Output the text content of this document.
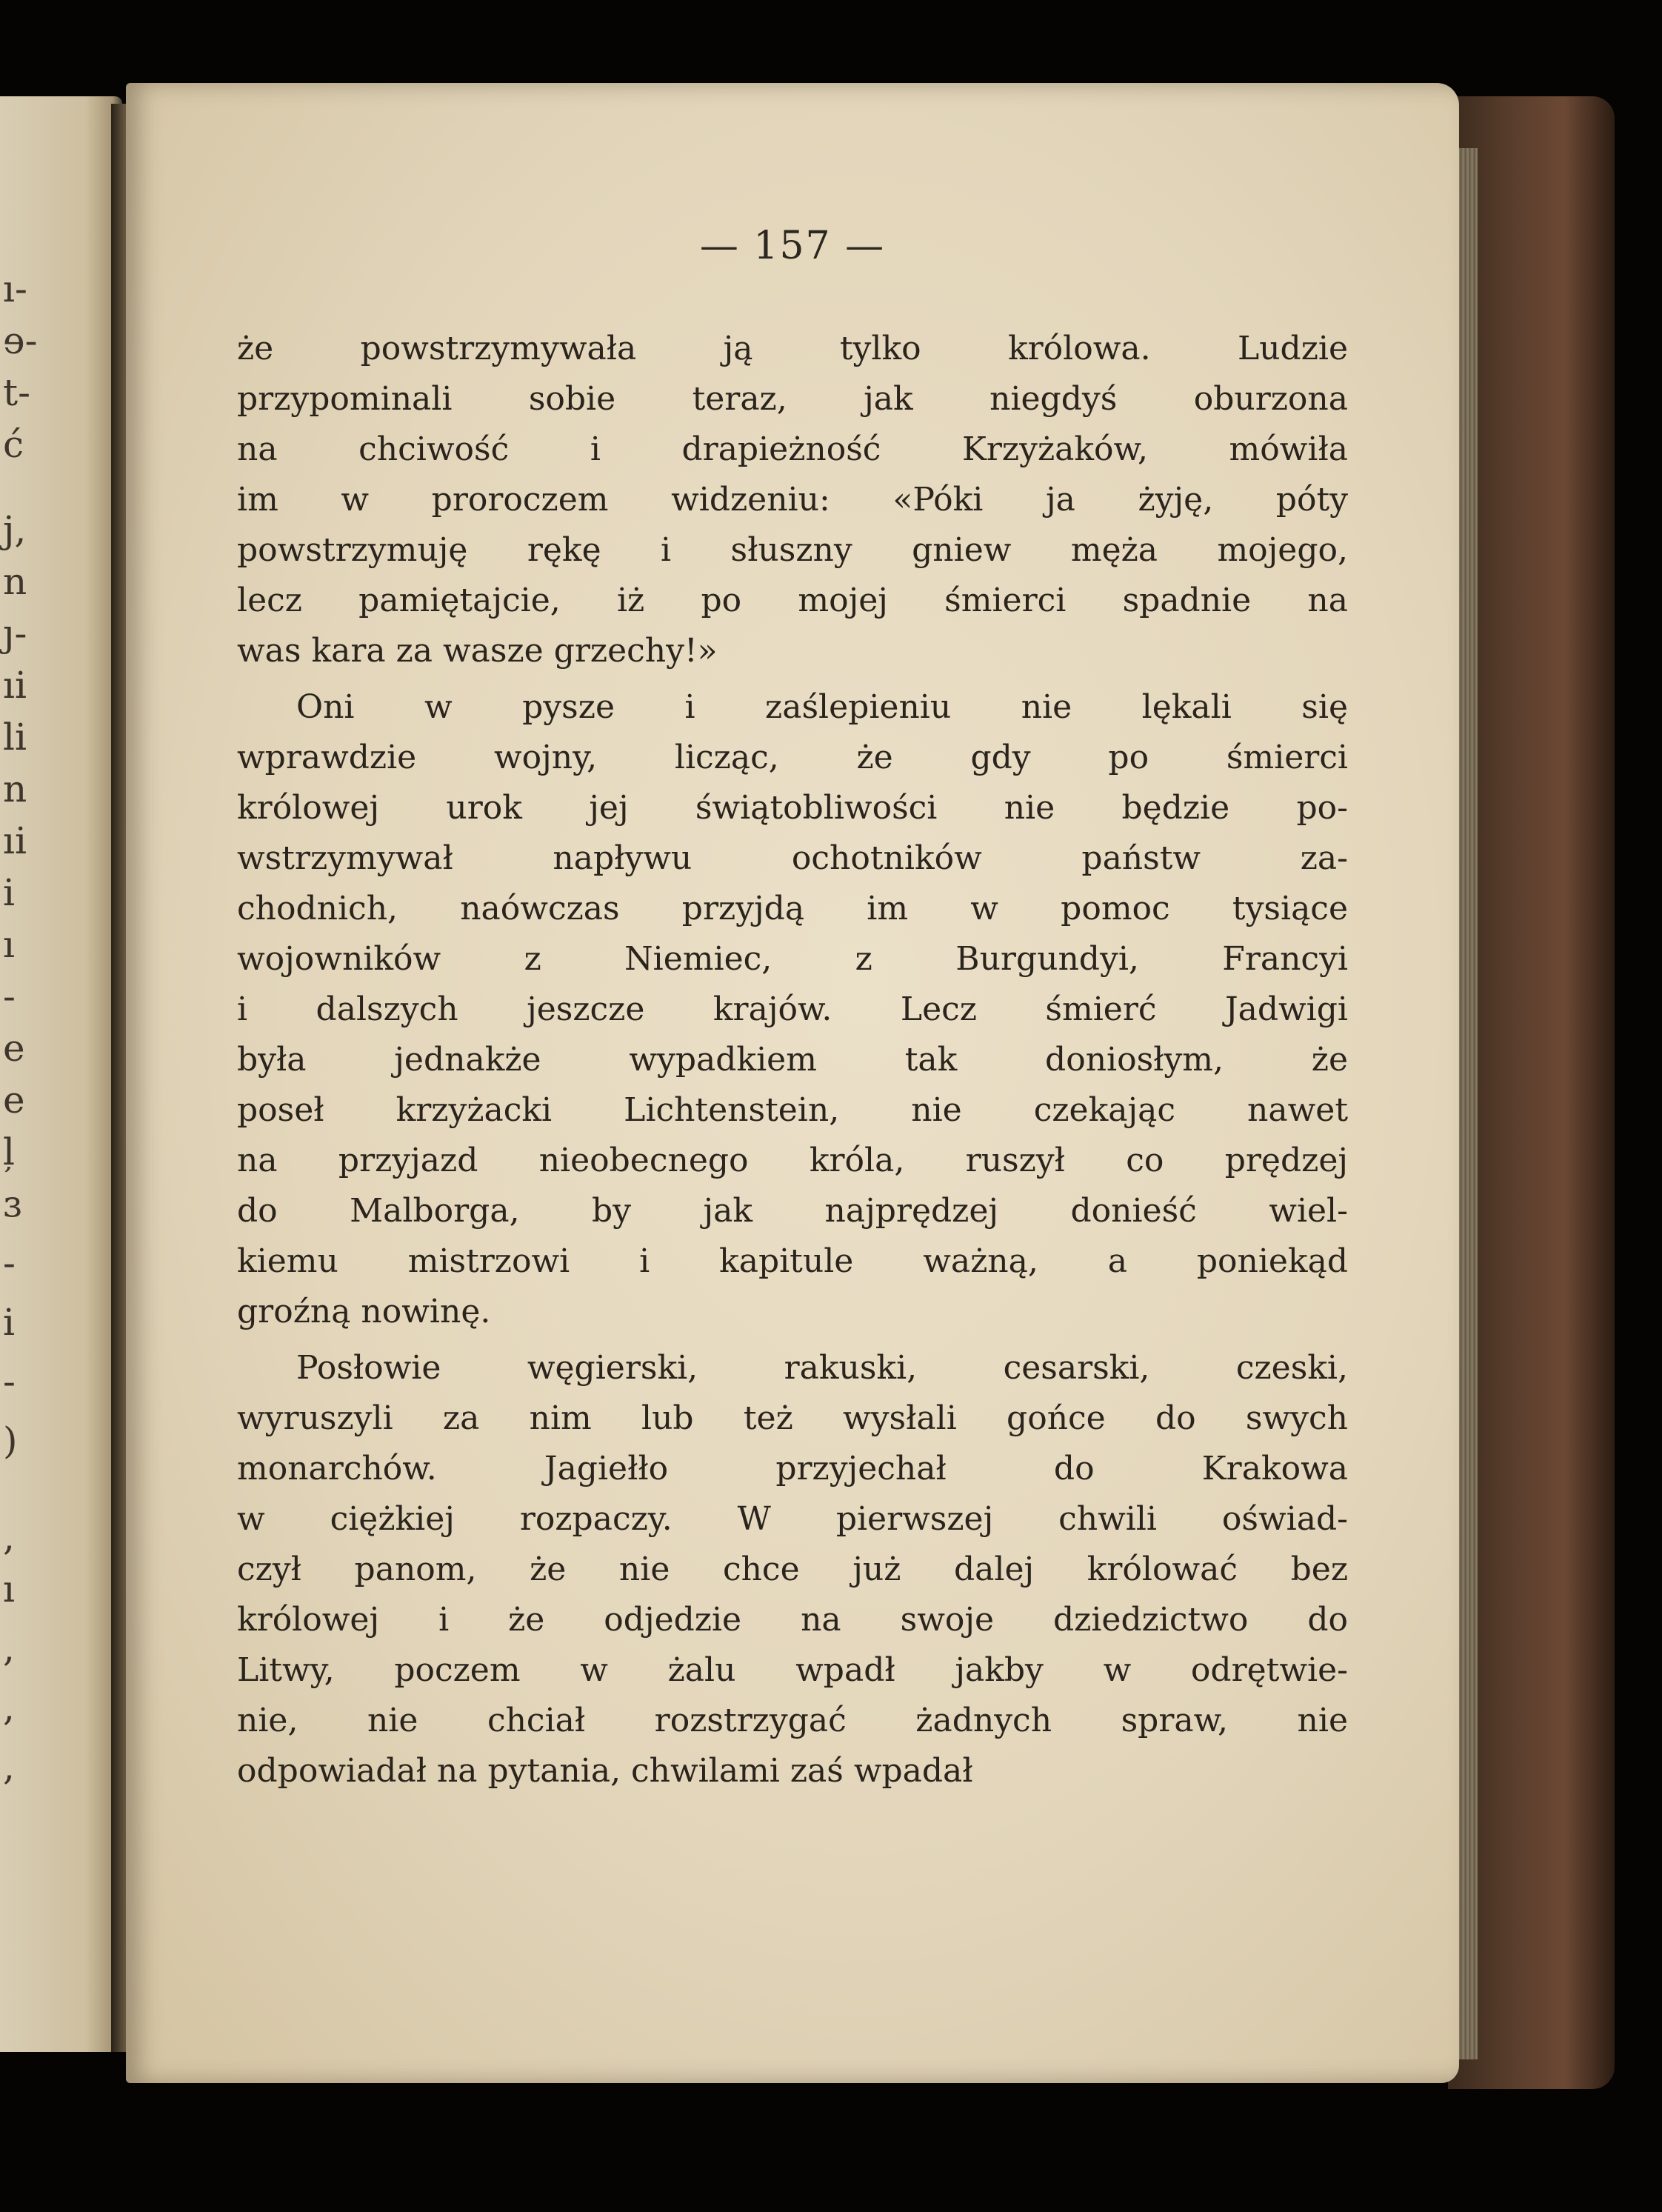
ı-
ɘ-
t-
ć
j,
n
ȷ-
ıi
li
n
ıi
i
ı
-
e
e
ļ
ɜ
-
i
-
)
,
ı
,
,
,
— 157 —
że powstrzymywała ją tylko królowa. Ludzie
przypominali sobie teraz, jak niegdyś oburzona
na chciwość i drapieżność Krzyżaków, mówiła
im w proroczem widzeniu: «Póki ja żyję, póty
powstrzymuję rękę i słuszny gniew męża mojego,
lecz pamiętajcie, iż po mojej śmierci spadnie na
was kara za wasze grzechy!»
Oni w pysze i zaślepieniu nie lękali się
wprawdzie wojny, licząc, że gdy po śmierci
królowej urok jej świątobliwości nie będzie po-
wstrzymywał napływu ochotników państw za-
chodnich, naówczas przyjdą im w pomoc tysiące
wojowników z Niemiec, z Burgundyi, Francyi
i dalszych jeszcze krajów. Lecz śmierć Jadwigi
była jednakże wypadkiem tak doniosłym, że
poseł krzyżacki Lichtenstein, nie czekając nawet
na przyjazd nieobecnego króla, ruszył co prędzej
do Malborga, by jak najprędzej donieść wiel-
kiemu mistrzowi i kapitule ważną, a poniekąd
groźną nowinę.
Posłowie węgierski, rakuski, cesarski, czeski,
wyruszyli za nim lub też wysłali gońce do swych
monarchów. Jagiełło przyjechał do Krakowa
w ciężkiej rozpaczy. W pierwszej chwili oświad-
czył panom, że nie chce już dalej królować bez
królowej i że odjedzie na swoje dziedzictwo do
Litwy, poczem w żalu wpadł jakby w odrętwie-
nie, nie chciał rozstrzygać żadnych spraw, nie
odpowiadał na pytania, chwilami zaś wpadał
